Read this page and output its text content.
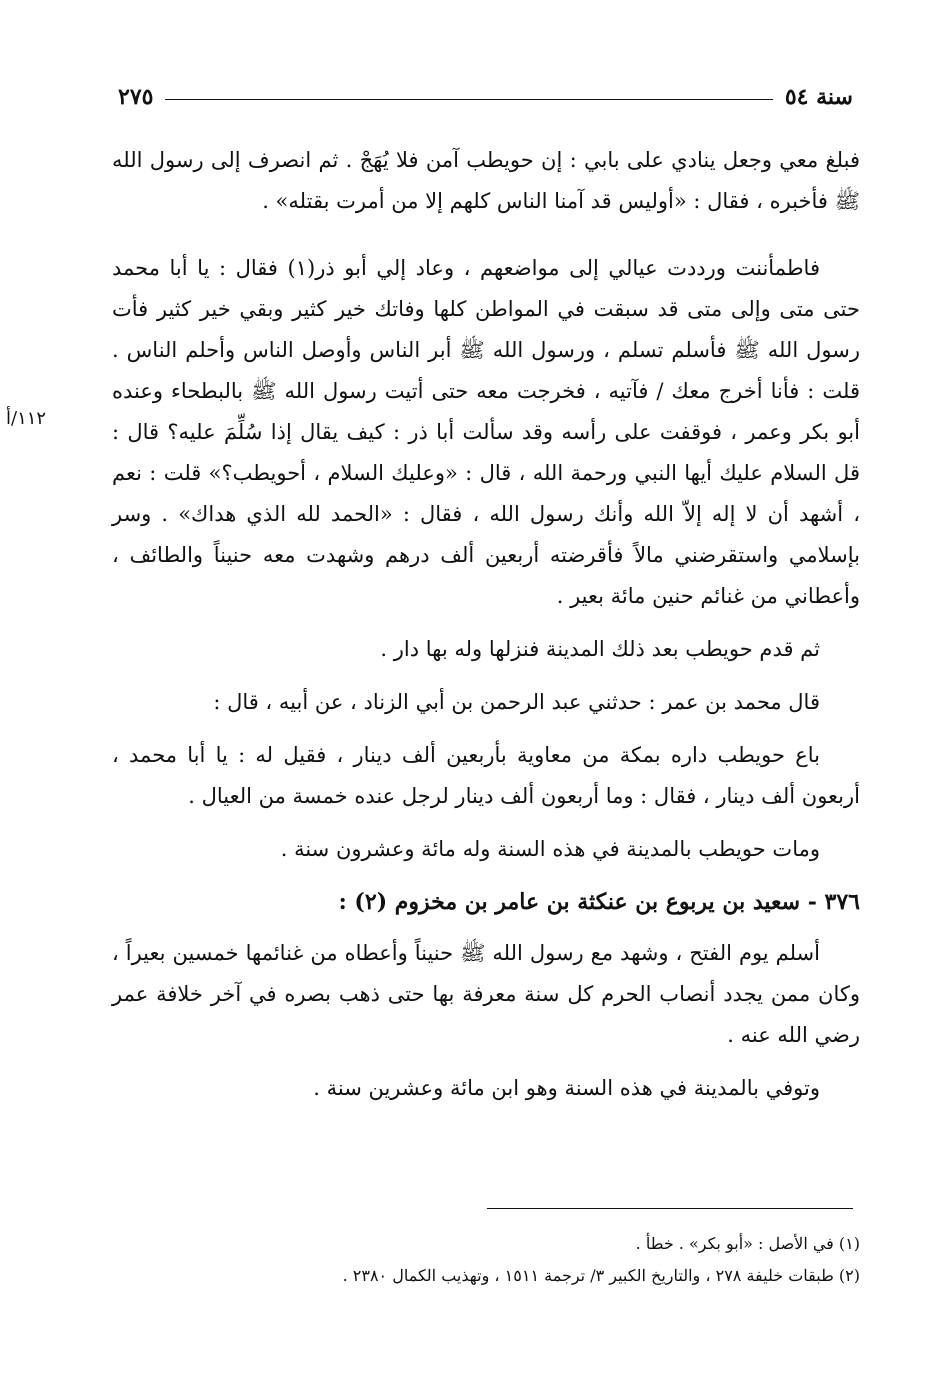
سنة ٥٤
٢٧٥
١١٢/أ

فبلغ معي وجعل ينادي على بابي : إن حويطب آمن فلا يُهَجْ . ثم انصرف إلى رسول الله ﷺ فأخبره ، فقال : «أوليس قد آمنا الناس كلهم إلا من أمرت بقتله» .

فاطمأننت ورددت عيالي إلى مواضعهم ، وعاد إلي أبو ذر(١) فقال : يا أبا محمد حتى متى وإلى متى قد سبقت في المواطن كلها وفاتك خير كثير وبقي خير كثير فأت رسول الله ﷺ فأسلم تسلم ، ورسول الله ﷺ أبر الناس وأوصل الناس وأحلم الناس . قلت : فأنا أخرج معك / فآتيه ، فخرجت معه حتى أتيت رسول الله ﷺ بالبطحاء وعنده أبو بكر وعمر ، فوقفت على رأسه وقد سألت أبا ذر : كيف يقال إذا سُلِّمَ عليه؟ قال : قل السلام عليك أيها النبي ورحمة الله ، قال : «وعليك السلام ، أحويطب؟» قلت : نعم ، أشهد أن لا إله إلاّ الله وأنك رسول الله ، فقال : «الحمد لله الذي هداك» . وسر بإسلامي واستقرضني مالاً فأقرضته أربعين ألف درهم وشهدت معه حنيناً والطائف ، وأعطاني من غنائم حنين مائة بعير .

ثم قدم حويطب بعد ذلك المدينة فنزلها وله بها دار .

قال محمد بن عمر : حدثني عبد الرحمن بن أبي الزناد ، عن أبيه ، قال :

باع حويطب داره بمكة من معاوية بأربعين ألف دينار ، فقيل له : يا أبا محمد ، أربعون ألف دينار ، فقال : وما أربعون ألف دينار لرجل عنده خمسة من العيال .

ومات حويطب بالمدينة في هذه السنة وله مائة وعشرون سنة .

٣٧٦ - سعيد بن يربوع بن عنكثة بن عامر بن مخزوم (٢) :

أسلم يوم الفتح ، وشهد مع رسول الله ﷺ حنيناً وأعطاه من غنائمها خمسين بعيراً ، وكان ممن يجدد أنصاب الحرم كل سنة معرفة بها حتى ذهب بصره في آخر خلافة عمر رضي الله عنه .

وتوفي بالمدينة في هذه السنة وهو ابن مائة وعشرين سنة .

(١) في الأصل : «أبو بكر» . خطأ .
(٢) طبقات خليفة ٢٧٨ ، والتاريخ الكبير ٣/ ترجمة ١٥١١ ، وتهذيب الكمال ٢٣٨٠ .
